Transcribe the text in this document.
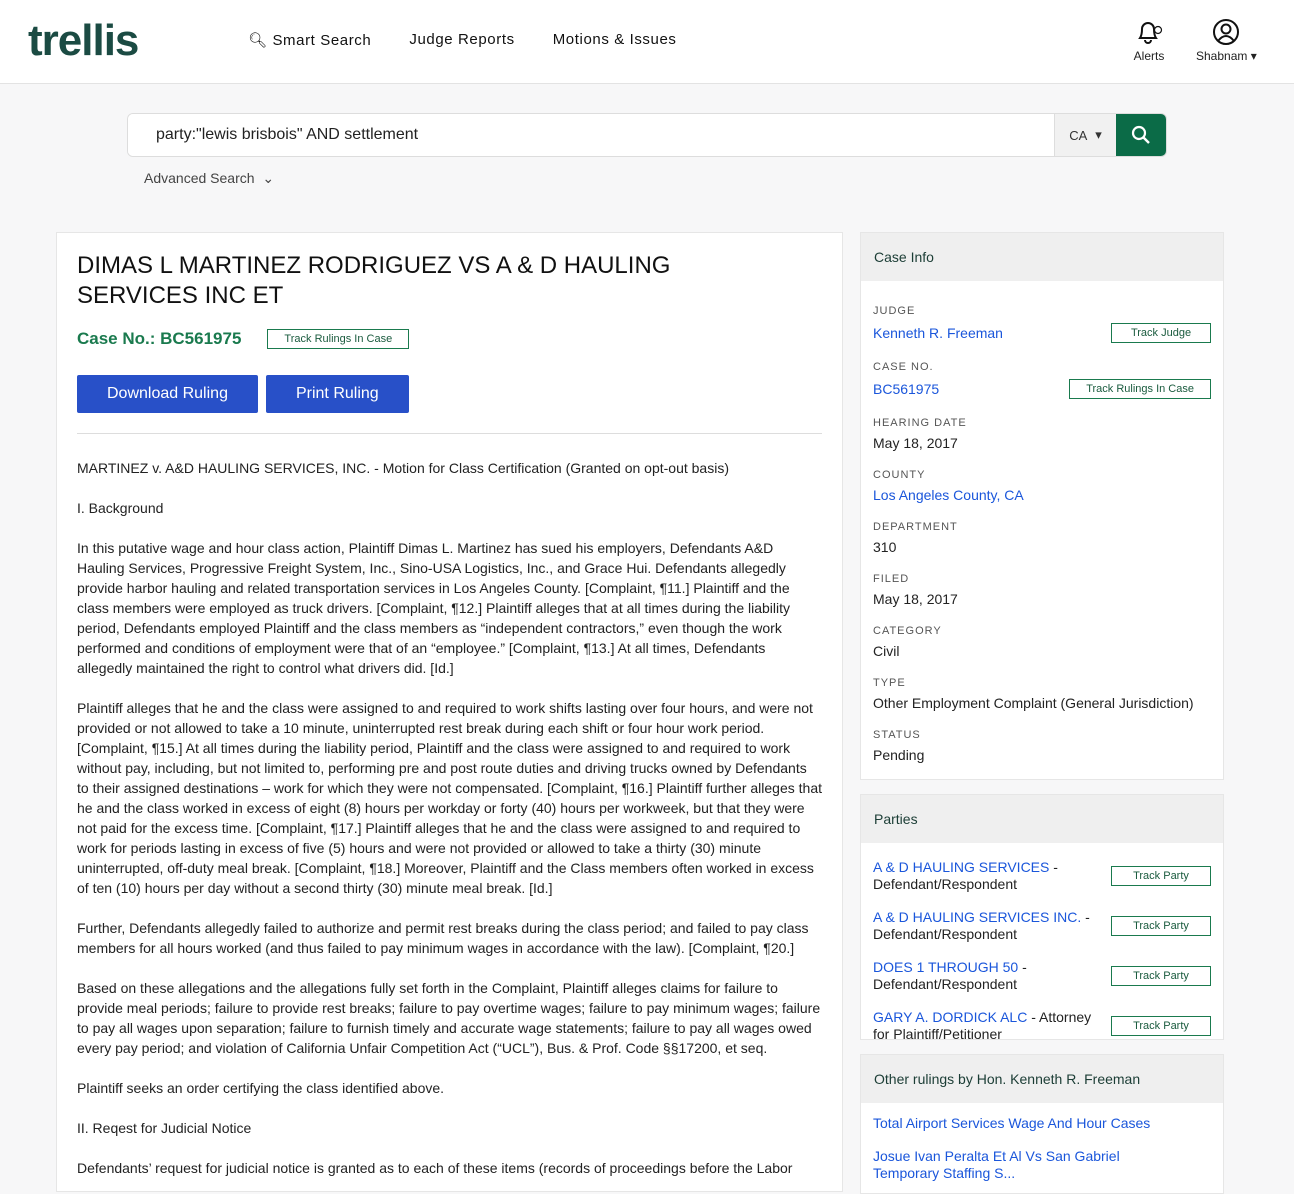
trellis	🔍︎ Smart Search	Judge Reports	Motions & Issues
Alerts	Shabnam ▾
party:"lewis brisbois" AND settlement
CA ▾
Advanced Search ⌄
DIMAS L MARTINEZ RODRIGUEZ VS A & D HAULING SERVICES INC ET
Case No.: BC561975	Track Rulings In Case
Download Ruling	Print Ruling

MARTINEZ v. A&D HAULING SERVICES, INC. - Motion for Class Certification (Granted on opt-out basis)

I. Background

In this putative wage and hour class action, Plaintiff Dimas L. Martinez has sued his employers, Defendants A&D Hauling Services, Progressive Freight System, Inc., Sino-USA Logistics, Inc., and Grace Hui. Defendants allegedly provide harbor hauling and related transportation services in Los Angeles County. [Complaint, ¶11.] Plaintiff and the class members were employed as truck drivers. [Complaint, ¶12.] Plaintiff alleges that at all times during the liability period, Defendants employed Plaintiff and the class members as “independent contractors,” even though the work performed and conditions of employment were that of an “employee.” [Complaint, ¶13.] At all times, Defendants allegedly maintained the right to control what drivers did. [Id.]

Plaintiff alleges that he and the class were assigned to and required to work shifts lasting over four hours, and were not provided or not allowed to take a 10 minute, uninterrupted rest break during each shift or four hour work period. [Complaint, ¶15.] At all times during the liability period, Plaintiff and the class were assigned to and required to work without pay, including, but not limited to, performing pre and post route duties and driving trucks owned by Defendants to their assigned destinations – work for which they were not compensated. [Complaint, ¶16.] Plaintiff further alleges that he and the class worked in excess of eight (8) hours per workday or forty (40) hours per workweek, but that they were not paid for the excess time. [Complaint, ¶17.] Plaintiff alleges that he and the class were assigned to and required to work for periods lasting in excess of five (5) hours and were not provided or allowed to take a thirty (30) minute uninterrupted, off-duty meal break. [Complaint, ¶18.] Moreover, Plaintiff and the Class members often worked in excess of ten (10) hours per day without a second thirty (30) minute meal break. [Id.]

Further, Defendants allegedly failed to authorize and permit rest breaks during the class period; and failed to pay class members for all hours worked (and thus failed to pay minimum wages in accordance with the law). [Complaint, ¶20.]

Based on these allegations and the allegations fully set forth in the Complaint, Plaintiff alleges claims for failure to provide meal periods; failure to provide rest breaks; failure to pay overtime wages; failure to pay minimum wages; failure to pay all wages upon separation; failure to furnish timely and accurate wage statements; failure to pay all wages owed every pay period; and violation of California Unfair Competition Act (“UCL”), Bus. & Prof. Code §§17200, et seq.

Plaintiff seeks an order certifying the class identified above.

II. Reqest for Judicial Notice

Defendants’ request for judicial notice is granted as to each of these items (records of proceedings before the Labor

Case Info
JUDGE
Kenneth R. Freeman	Track Judge
CASE NO.
BC561975	Track Rulings In Case
HEARING DATE
May 18, 2017
COUNTY
Los Angeles County, CA
DEPARTMENT
310
FILED
May 18, 2017
CATEGORY
Civil
TYPE
Other Employment Complaint (General Jurisdiction)
STATUS
Pending
Parties
A & D HAULING SERVICES - Defendant/Respondent	Track Party
A & D HAULING SERVICES INC. - Defendant/Respondent	Track Party
DOES 1 THROUGH 50 - Defendant/Respondent	Track Party
GARY A. DORDICK ALC - Attorney for Plaintiff/Petitioner	Track Party
Other rulings by Hon. Kenneth R. Freeman
Total Airport Services Wage And Hour Cases
Josue Ivan Peralta Et Al Vs San Gabriel Temporary Staffing S...
